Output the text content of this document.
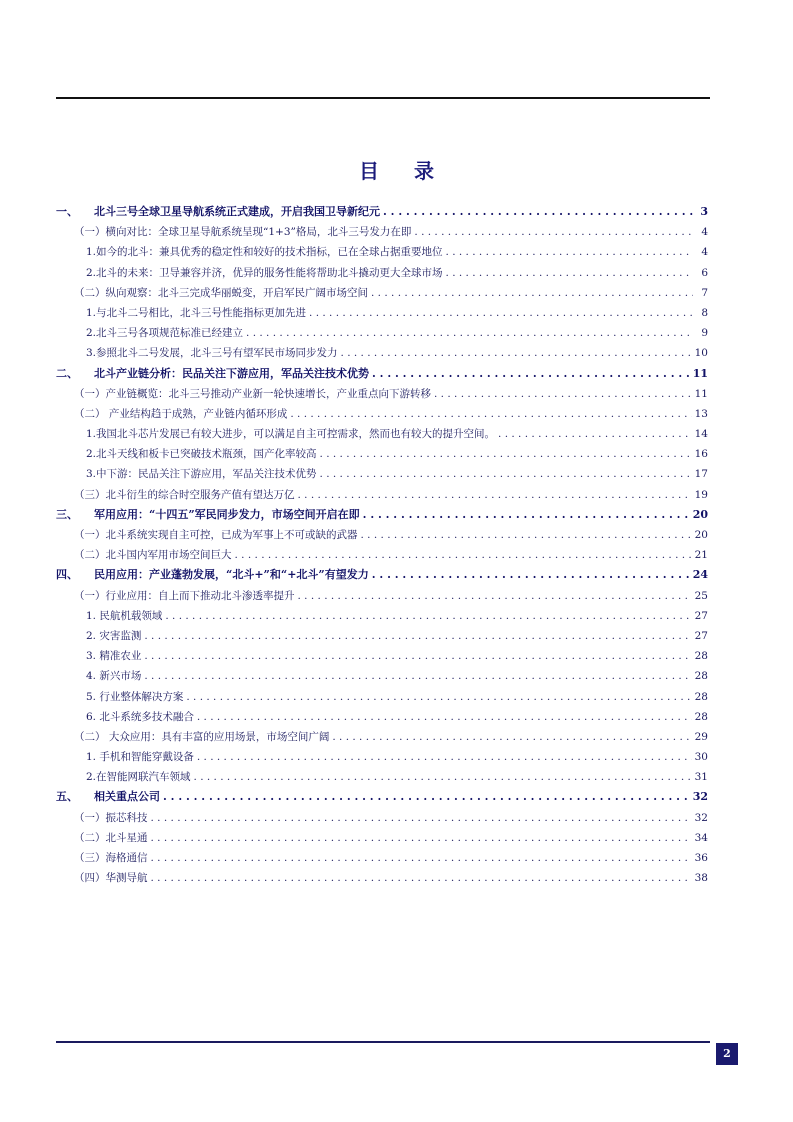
目 录
一、	北斗三号全球卫星导航系统正式建成，开启我国卫导新纪元 . . .	3
（一）横向对比：全球卫星导航系统呈现“1+3”格局，北斗三号发力在即 . . .	4
1.如今的北斗：兼具优秀的稳定性和较好的技术指标，已在全球占据重要地位 . . .	4
2.北斗的未来：卫导兼容并济，优异的服务性能将帮助北斗撬动更大全球市场 . . .	6
（二）纵向观察：北斗三完成华丽蜕变，开启军民广阔市场空间 . . .	7
1.与北斗二号相比，北斗三号性能指标更加先进 . . .	8
2.北斗三号各项规范标准已经建立 . . .	9
3.参照北斗二号发展，北斗三号有望军民市场同步发力 . . .	10
二、	北斗产业链分析：民品关注下游应用，军品关注技术优势 . . .	11
（一）产业链概览：北斗三号推动产业新一轮快速增长，产业重点向下游转移 . . .	11
（二） 产业结构趋于成熟，产业链内循环形成 . . .	13
1.我国北斗芯片发展已有较大进步，可以满足自主可控需求，然而也有较大的提升空间。 . . .	14
2.北斗天线和板卡已突破技术瓶颈，国产化率较高 . . .	16
3.中下游：民品关注下游应用，军品关注技术优势 . . .	17
（三）北斗衍生的综合时空服务产值有望达万亿 . . .	19
三、	军用应用：“十四五”军民同步发力，市场空间开启在即 . . .	20
（一）北斗系统实现自主可控，已成为军事上不可或缺的武器 . . .	20
（二）北斗国内军用市场空间巨大 . . .	21
四、	民用应用：产业蓬勃发展，“北斗+”和“+北斗”有望发力 . . .	24
（一）行业应用：自上而下推动北斗渗透率提升 . . .	25
1. 民航机载领域 . . .	27
2. 灾害监测 . . .	27
3. 精准农业 . . .	28
4. 新兴市场 . . .	28
5. 行业整体解决方案 . . .	28
6. 北斗系统多技术融合 . . .	28
（二） 大众应用：具有丰富的应用场景，市场空间广阔 . . .	29
1. 手机和智能穿戴设备 . . .	30
2.在智能网联汽车领域 . . .	31
五、	相关重点公司 . . .	32
（一）振芯科技 . . .	32
（二）北斗星通 . . .	34
（三）海格通信 . . .	36
（四）华测导航 . . .	38
2
